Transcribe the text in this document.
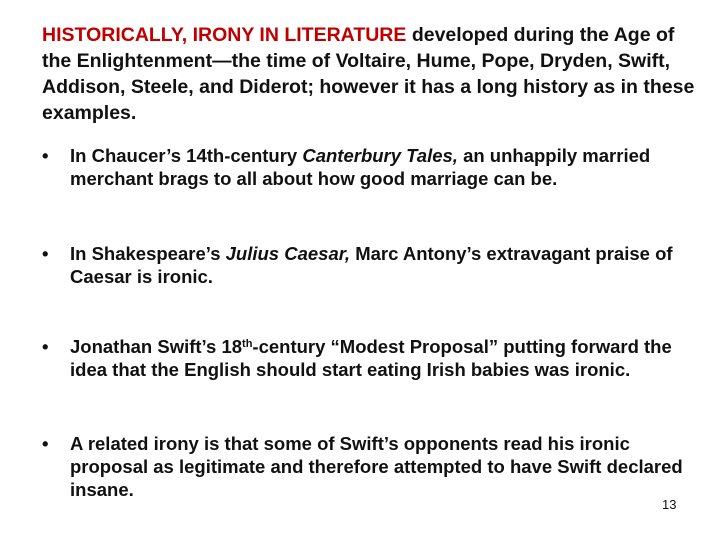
HISTORICALLY, IRONY IN LITERATURE developed during the Age of the Enlightenment—the time of Voltaire, Hume, Pope, Dryden, Swift, Addison, Steele, and Diderot; however it has a long history as in these examples.
• In Chaucer’s 14th-century Canterbury Tales, an unhappily married merchant brags to all about how good marriage can be.
• In Shakespeare’s Julius Caesar, Marc Antony’s extravagant praise of Caesar is ironic.
• Jonathan Swift’s 18th-century “Modest Proposal” putting forward the idea that the English should start eating Irish babies was ironic.
• A related irony is that some of Swift’s opponents read his ironic proposal as legitimate and therefore attempted to have Swift declared insane.
13
